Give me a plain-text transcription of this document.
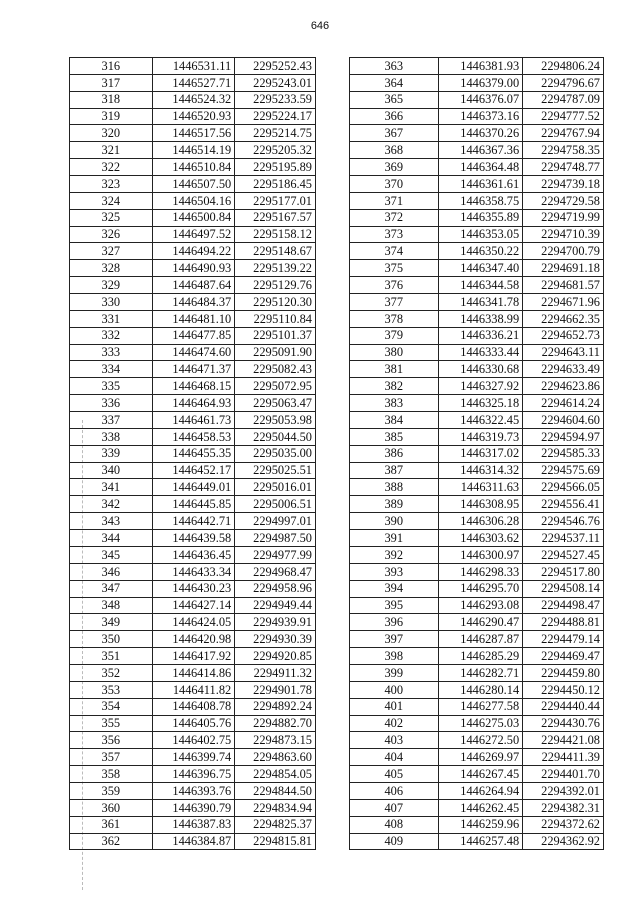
646
316	1446531.11	2295252.43
317	1446527.71	2295243.01
318	1446524.32	2295233.59
319	1446520.93	2295224.17
320	1446517.56	2295214.75
321	1446514.19	2295205.32
322	1446510.84	2295195.89
323	1446507.50	2295186.45
324	1446504.16	2295177.01
325	1446500.84	2295167.57
326	1446497.52	2295158.12
327	1446494.22	2295148.67
328	1446490.93	2295139.22
329	1446487.64	2295129.76
330	1446484.37	2295120.30
331	1446481.10	2295110.84
332	1446477.85	2295101.37
333	1446474.60	2295091.90
334	1446471.37	2295082.43
335	1446468.15	2295072.95
336	1446464.93	2295063.47
337	1446461.73	2295053.98
338	1446458.53	2295044.50
339	1446455.35	2295035.00
340	1446452.17	2295025.51
341	1446449.01	2295016.01
342	1446445.85	2295006.51
343	1446442.71	2294997.01
344	1446439.58	2294987.50
345	1446436.45	2294977.99
346	1446433.34	2294968.47
347	1446430.23	2294958.96
348	1446427.14	2294949.44
349	1446424.05	2294939.91
350	1446420.98	2294930.39
351	1446417.92	2294920.85
352	1446414.86	2294911.32
353	1446411.82	2294901.78
354	1446408.78	2294892.24
355	1446405.76	2294882.70
356	1446402.75	2294873.15
357	1446399.74	2294863.60
358	1446396.75	2294854.05
359	1446393.76	2294844.50
360	1446390.79	2294834.94
361	1446387.83	2294825.37
362	1446384.87	2294815.81
363	1446381.93	2294806.24
364	1446379.00	2294796.67
365	1446376.07	2294787.09
366	1446373.16	2294777.52
367	1446370.26	2294767.94
368	1446367.36	2294758.35
369	1446364.48	2294748.77
370	1446361.61	2294739.18
371	1446358.75	2294729.58
372	1446355.89	2294719.99
373	1446353.05	2294710.39
374	1446350.22	2294700.79
375	1446347.40	2294691.18
376	1446344.58	2294681.57
377	1446341.78	2294671.96
378	1446338.99	2294662.35
379	1446336.21	2294652.73
380	1446333.44	2294643.11
381	1446330.68	2294633.49
382	1446327.92	2294623.86
383	1446325.18	2294614.24
384	1446322.45	2294604.60
385	1446319.73	2294594.97
386	1446317.02	2294585.33
387	1446314.32	2294575.69
388	1446311.63	2294566.05
389	1446308.95	2294556.41
390	1446306.28	2294546.76
391	1446303.62	2294537.11
392	1446300.97	2294527.45
393	1446298.33	2294517.80
394	1446295.70	2294508.14
395	1446293.08	2294498.47
396	1446290.47	2294488.81
397	1446287.87	2294479.14
398	1446285.29	2294469.47
399	1446282.71	2294459.80
400	1446280.14	2294450.12
401	1446277.58	2294440.44
402	1446275.03	2294430.76
403	1446272.50	2294421.08
404	1446269.97	2294411.39
405	1446267.45	2294401.70
406	1446264.94	2294392.01
407	1446262.45	2294382.31
408	1446259.96	2294372.62
409	1446257.48	2294362.92
